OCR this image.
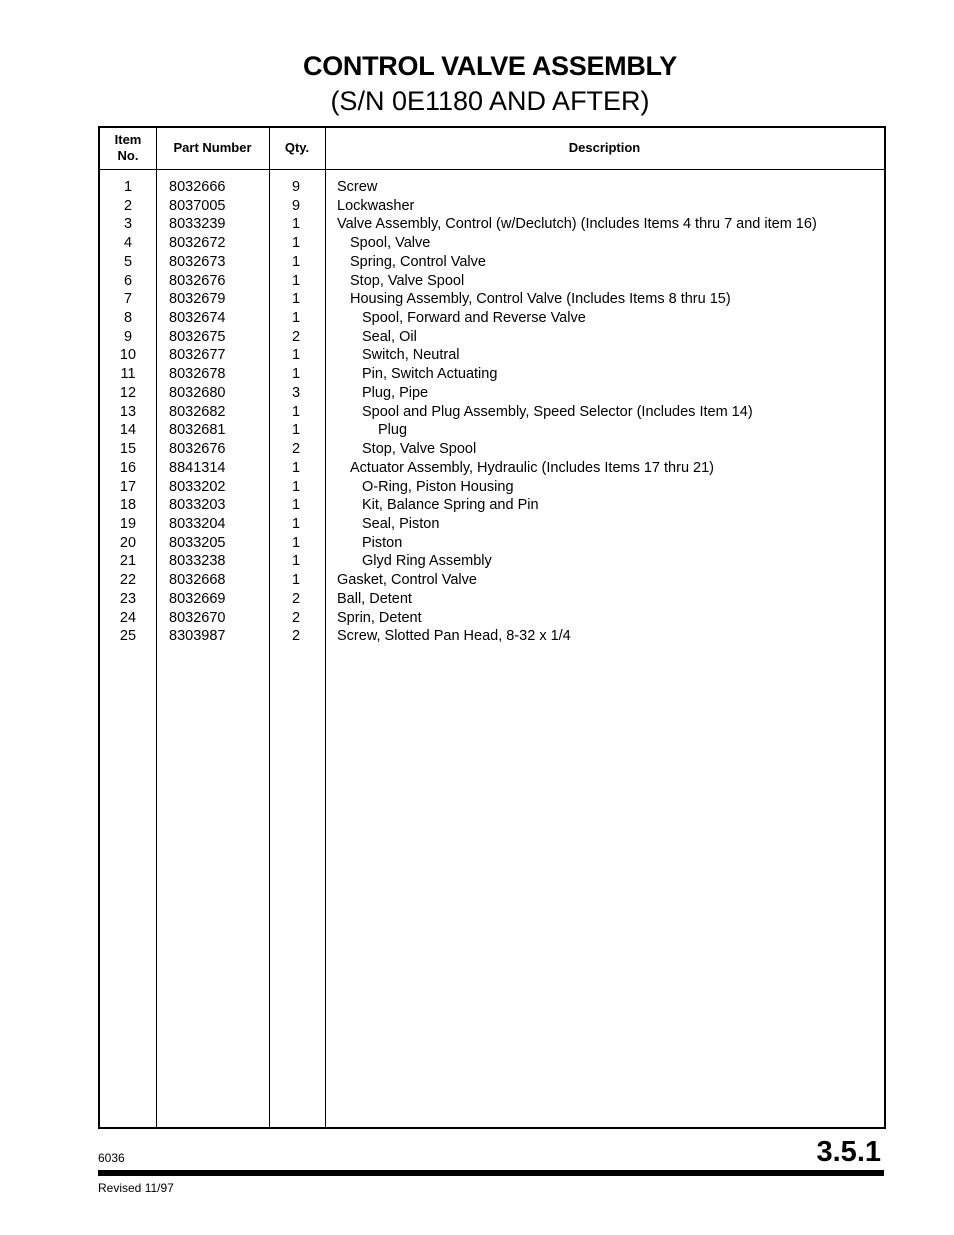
CONTROL VALVE ASSEMBLY
(S/N 0E1180 AND AFTER)
Item
No.
Part Number	Qty.	Description
1	8032666	9	Screw
2	8037005	9	Lockwasher
3	8033239	1	Valve Assembly, Control (w/Declutch) (Includes Items 4 thru 7 and item 16)
4	8032672	1	Spool, Valve
5	8032673	1	Spring, Control Valve
6	8032676	1	Stop, Valve Spool
7	8032679	1	Housing Assembly, Control Valve (Includes Items 8 thru 15)
8	8032674	1	Spool, Forward and Reverse Valve
9	8032675	2	Seal, Oil
10	8032677	1	Switch, Neutral
11	8032678	1	Pin, Switch Actuating
12	8032680	3	Plug, Pipe
13	8032682	1	Spool and Plug Assembly, Speed Selector (Includes Item 14)
14	8032681	1	Plug
15	8032676	2	Stop, Valve Spool
16	8841314	1	Actuator Assembly, Hydraulic (Includes Items 17 thru 21)
17	8033202	1	O-Ring, Piston Housing
18	8033203	1	Kit, Balance Spring and Pin
19	8033204	1	Seal, Piston
20	8033205	1	Piston
21	8033238	1	Glyd Ring Assembly
22	8032668	1	Gasket, Control Valve
23	8032669	2	Ball, Detent
24	8032670	2	Sprin, Detent
25	8303987	2	Screw, Slotted Pan Head, 8-32 x 1/4
6036	3.5.1
Revised 11/97
